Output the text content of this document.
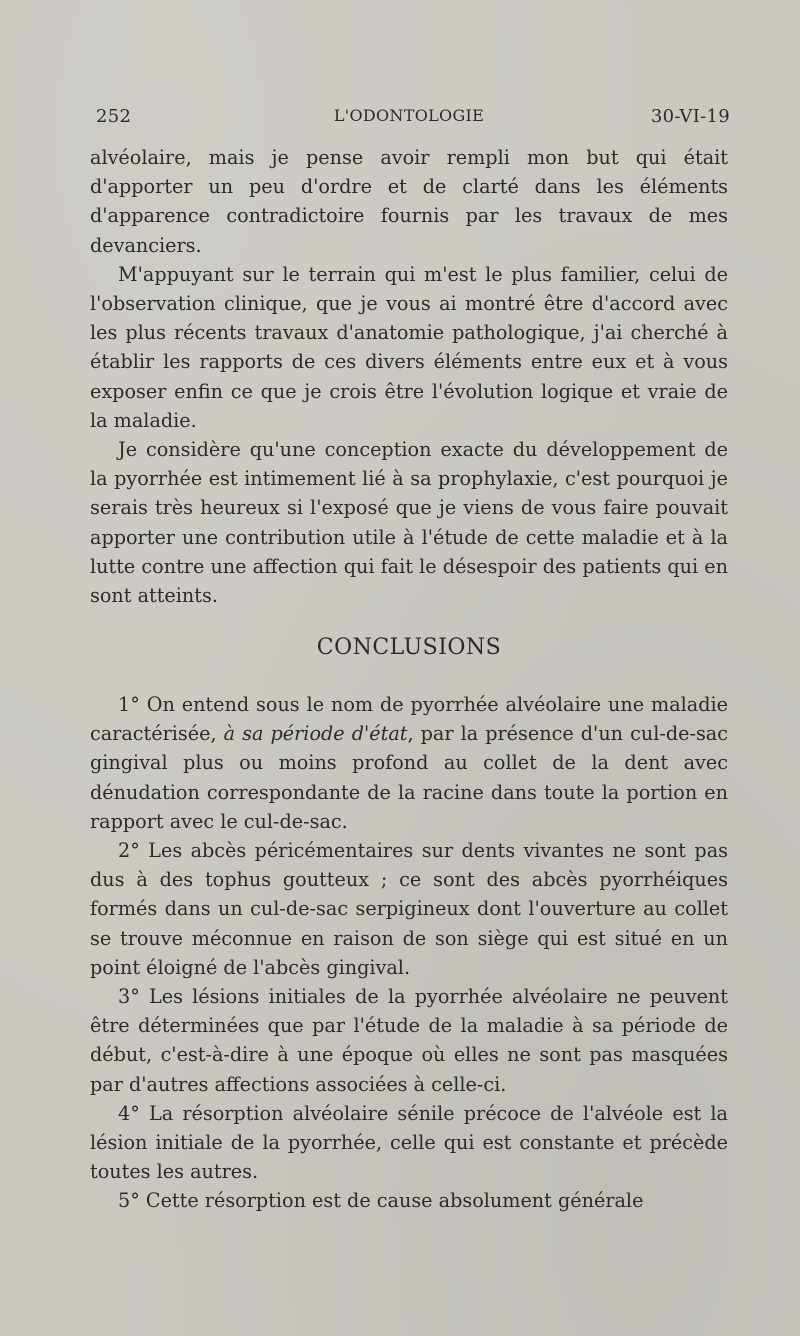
252	L'ODONTOLOGIE	30-VI-19

alvéolaire, mais je pense avoir rempli mon but qui était d'apporter un peu d'ordre et de clarté dans les éléments d'apparence contradictoire fournis par les travaux de mes devanciers.

M'appuyant sur le terrain qui m'est le plus familier, celui de l'observation clinique, que je vous ai montré être d'accord avec les plus récents travaux d'anatomie pathologique, j'ai cherché à établir les rapports de ces divers éléments entre eux et à vous exposer enfin ce que je crois être l'évolution logique et vraie de la maladie.

Je considère qu'une conception exacte du développement de la pyorrhée est intimement lié à sa prophylaxie, c'est pourquoi je serais très heureux si l'exposé que je viens de vous faire pouvait apporter une contribution utile à l'étude de cette maladie et à la lutte contre une affection qui fait le désespoir des patients qui en sont atteints.

CONCLUSIONS

1° On entend sous le nom de pyorrhée alvéolaire une maladie caractérisée, à sa période d'état, par la présence d'un cul-de-sac gingival plus ou moins profond au collet de la dent avec dénudation correspondante de la racine dans toute la portion en rapport avec le cul-de-sac.

2° Les abcès péricémentaires sur dents vivantes ne sont pas dus à des tophus goutteux ; ce sont des abcès pyorrhéiques formés dans un cul-de-sac serpigineux dont l'ouverture au collet se trouve méconnue en raison de son siège qui est situé en un point éloigné de l'abcès gingival.

3° Les lésions initiales de la pyorrhée alvéolaire ne peuvent être déterminées que par l'étude de la maladie à sa période de début, c'est-à-dire à une époque où elles ne sont pas masquées par d'autres affections associées à celle-ci.

4° La résorption alvéolaire sénile précoce de l'alvéole est la lésion initiale de la pyorrhée, celle qui est constante et précède toutes les autres.

5° Cette résorption est de cause absolument générale
